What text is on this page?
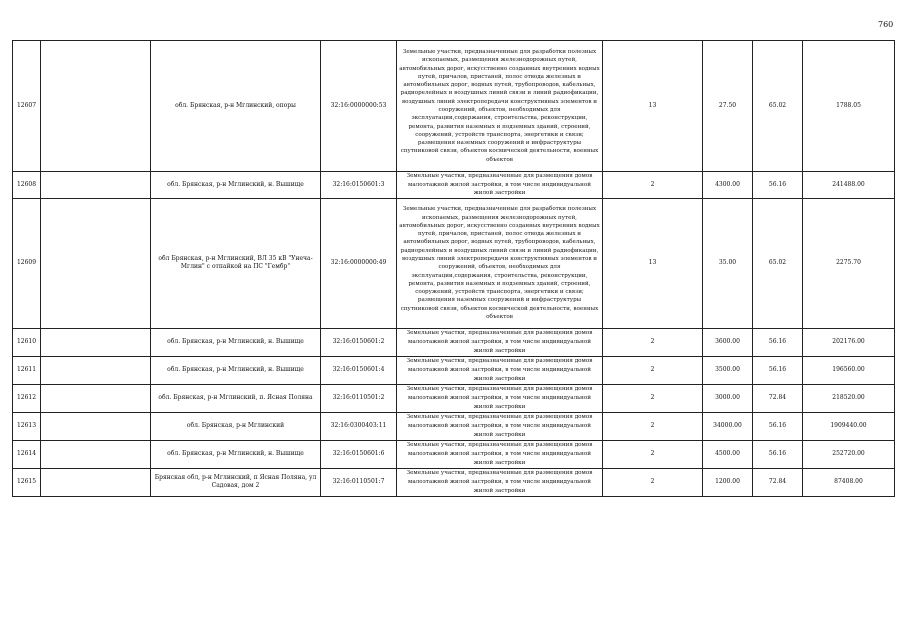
760
12607		обл. Брянская, р-н Мглинский, опоры	32:16:0000000:53	Земельные участки, предназначенные для разработки полезных ископаемых, размещения железнодорожных путей, автомобильных дорог, искусственно созданных внутренних водных путей, причалов, пристаней, полос отвода железных и автомобильных дорог, водных путей, трубопроводов, кабельных, радиорелейных и воздушных линий связи и линий радиофикации, воздушных линий электропередачи конструктивных элементов и сооружений, объектов, необходимых для эксплуатации,содержания, строительства, реконструкции, ремонта, развития наземных и подземных зданий, строений, сооружений, устройств транспорта, энергетики и связи; размещения наземных сооружений и инфраструктуры спутниковой связи, объектов космической деятельности, военных объектов	13	27.50	65.02	1788.05
12608		обл. Брянская, р-н Мглинский, н. Вышище	32:16:0150601:3	Земельные участки, предназначенные для размещения домов малоэтажной жилой застройки, в том числе индивидуальной жилой застройки	2	4300.00	56.16	241488.00
12609		обл Брянская, р-н Мглинский, ВЛ 35 кВ "Унеча-Мглин" с отпайкой на ПС "Гембр"	32:16:0000000:49	Земельные участки, предназначенные для разработки полезных ископаемых, размещения железнодорожных путей, автомобильных дорог, искусственно созданных внутренних водных путей, причалов, пристаней, полос отвода железных и автомобильных дорог, водных путей, трубопроводов, кабельных, радиорелейных и воздушных линий связи и линий радиофикации, воздушных линий электропередачи конструктивных элементов и сооружений, объектов, необходимых для эксплуатации,содержания, строительства, реконструкции, ремонта, развития наземных и подземных зданий, строений, сооружений, устройств транспорта, энергетики и связи; размещения наземных сооружений и инфраструктуры спутниковой связи, объектов космической деятельности, военных объектов	13	35.00	65.02	2275.70
12610		обл. Брянская, р-н Мглинский, н. Вышище	32:16:0150601:2	Земельные участки, предназначенные для размещения домов малоэтажной жилой застройки, в том числе индивидуальной жилой застройки	2	3600.00	56.16	202176.00
12611		обл. Брянская, р-н Мглинский, н. Вышище	32:16:0150601:4	Земельные участки, предназначенные для размещения домов малоэтажной жилой застройки, в том числе индивидуальной жилой застройки	2	3500.00	56.16	196560.00
12612		обл. Брянская, р-н Мглинский, п. Ясная Поляна	32:16:0110501:2	Земельные участки, предназначенные для размещения домов малоэтажной жилой застройки, в том числе индивидуальной жилой застройки	2	3000.00	72.84	218520.00
12613		обл. Брянская, р-н Мглинский	32:16:0300403:11	Земельные участки, предназначенные для размещения домов малоэтажной жилой застройки, в том числе индивидуальной жилой застройки	2	34000.00	56.16	1909440.00
12614		обл. Брянская, р-н Мглинский, н. Вышище	32:16:0150601:6	Земельные участки, предназначенные для размещения домов малоэтажной жилой застройки, в том числе индивидуальной жилой застройки	2	4500.00	56.16	252720.00
12615		Брянская обл, р-н Мглинский, п Ясная Поляна, ул Садовая, дом 2	32:16:0110501:7	Земельные участки, предназначенные для размещения домов малоэтажной жилой застройки, в том числе индивидуальной жилой застройки	2	1200.00	72.84	87408.00
